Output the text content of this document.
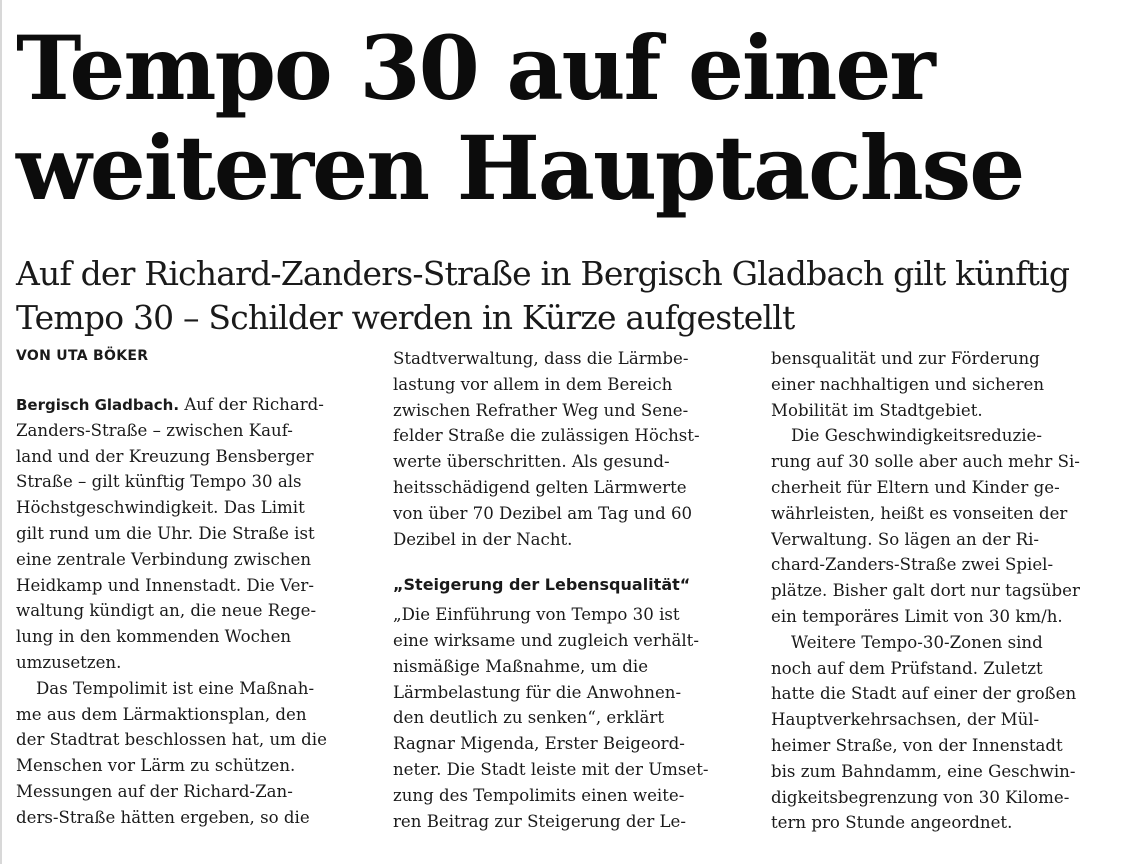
Tempo 30 auf einer
weiteren Hauptachse
Auf der Richard-Zanders-Straße in Bergisch Gladbach gilt künftig
Tempo 30 – Schilder werden in Kürze aufgestellt

VON UTA BÖKER

Bergisch Gladbach. Auf der Richard-
Zanders-Straße – zwischen Kauf-
land und der Kreuzung Bensberger
Straße – gilt künftig Tempo 30 als
Höchstgeschwindigkeit. Das Limit
gilt rund um die Uhr. Die Straße ist
eine zentrale Verbindung zwischen
Heidkamp und Innenstadt. Die Ver-
waltung kündigt an, die neue Rege-
lung in den kommenden Wochen
umzusetzen.
Das Tempolimit ist eine Maßnah-
me aus dem Lärmaktionsplan, den
der Stadtrat beschlossen hat, um die
Menschen vor Lärm zu schützen.
Messungen auf der Richard-Zan-
ders-Straße hätten ergeben, so die
Stadtverwaltung, dass die Lärmbe-
lastung vor allem in dem Bereich
zwischen Refrather Weg und Sene-
felder Straße die zulässigen Höchst-
werte überschritten. Als gesund-
heitsschädigend gelten Lärmwerte
von über 70 Dezibel am Tag und 60
Dezibel in der Nacht.

„Steigerung der Lebensqualität“

„Die Einführung von Tempo 30 ist
eine wirksame und zugleich verhält-
nismäßige Maßnahme, um die
Lärmbelastung für die Anwohnen-
den deutlich zu senken“, erklärt
Ragnar Migenda, Erster Beigeord-
neter. Die Stadt leiste mit der Umset-
zung des Tempolimits einen weite-
ren Beitrag zur Steigerung der Le-
bensqualität und zur Förderung
einer nachhaltigen und sicheren
Mobilität im Stadtgebiet.
Die Geschwindigkeitsreduzie-
rung auf 30 solle aber auch mehr Si-
cherheit für Eltern und Kinder ge-
währleisten, heißt es vonseiten der
Verwaltung. So lägen an der Ri-
chard-Zanders-Straße zwei Spiel-
plätze. Bisher galt dort nur tagsüber
ein temporäres Limit von 30 km/h.
Weitere Tempo-30-Zonen sind
noch auf dem Prüfstand. Zuletzt
hatte die Stadt auf einer der großen
Hauptverkehrsachsen, der Mül-
heimer Straße, von der Innenstadt
bis zum Bahndamm, eine Geschwin-
digkeitsbegrenzung von 30 Kilome-
tern pro Stunde angeordnet.
